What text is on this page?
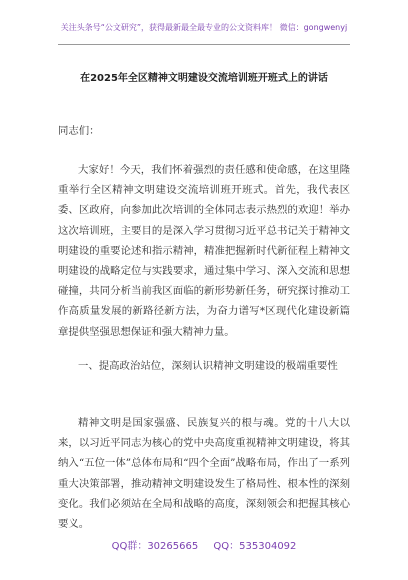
关注头条号“公文研究”，获得最新最全最专业的公文资料库！ 微信：gongwenyj
在2025年全区精神文明建设交流培训班开班式上的讲话
同志们：

大家好！今天，我们怀着强烈的责任感和使命感，在这里隆重举行全区精神文明建设交流培训班开班式。首先，我代表区委、区政府，向参加此次培训的全体同志表示热烈的欢迎！举办这次培训班，主要目的是深入学习贯彻习近平总书记关于精神文明建设的重要论述和指示精神，精准把握新时代新征程上精神文明建设的战略定位与实践要求，通过集中学习、深入交流和思想碰撞，共同分析当前我区面临的新形势新任务，研究探讨推动工作高质量发展的新路径新方法，为奋力谱写*区现代化建设新篇章提供坚强思想保证和强大精神力量。

一、提高政治站位，深刻认识精神文明建设的极端重要性

精神文明是国家强盛、民族复兴的根与魂。党的十八大以来，以习近平同志为核心的党中央高度重视精神文明建设，将其纳入“五位一体”总体布局和“四个全面”战略布局，作出了一系列重大决策部署，推动精神文明建设发生了格局性、根本性的深刻变化。我们必须站在全局和战略的高度，深刻领会和把握其核心要义。

QQ群：30265665 QQ：535304092
